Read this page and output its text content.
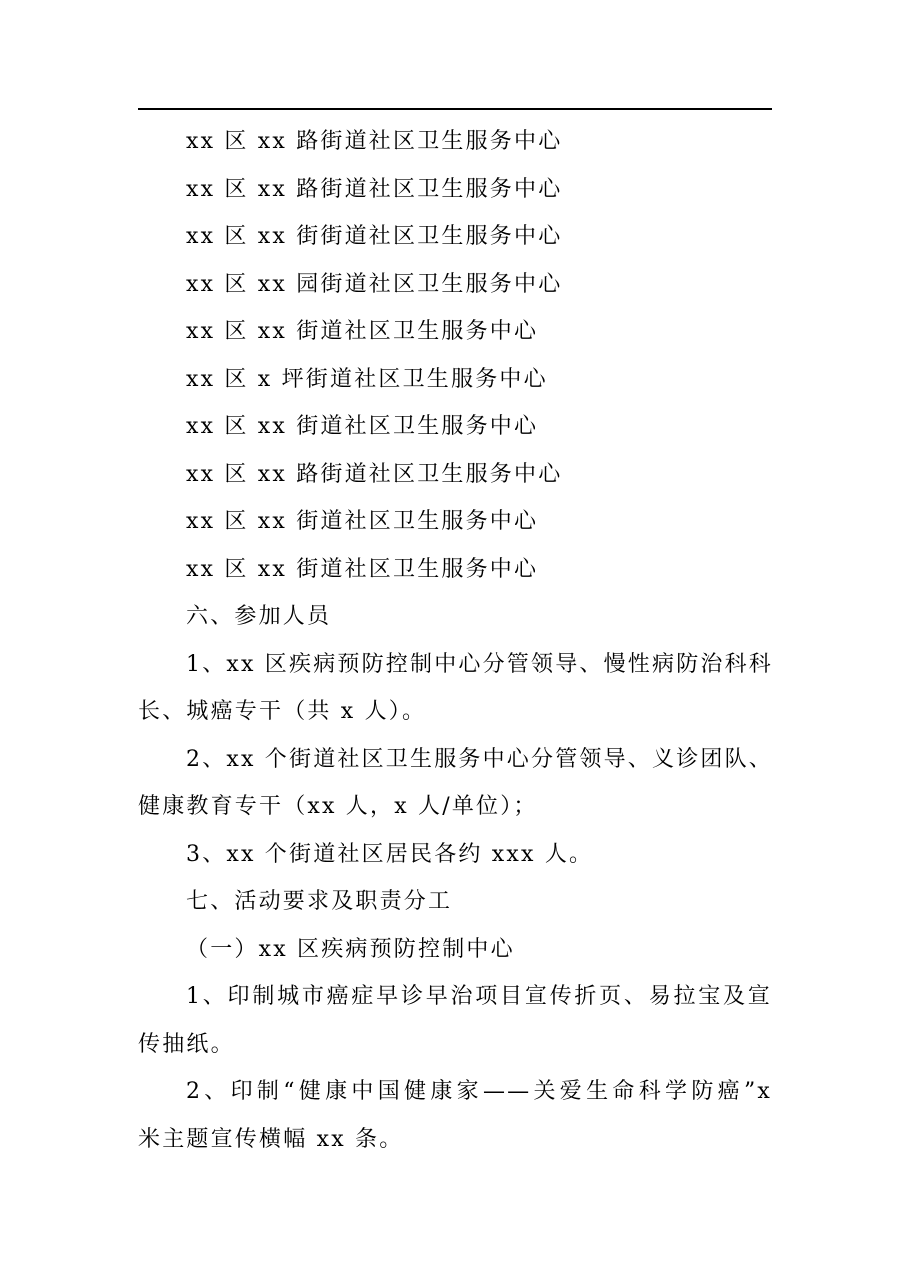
xx 区 xx 路街道社区卫生服务中心
xx 区 xx 路街道社区卫生服务中心
xx 区 xx 街街道社区卫生服务中心
xx 区 xx 园街道社区卫生服务中心
xx 区 xx 街道社区卫生服务中心
xx 区 x 坪街道社区卫生服务中心
xx 区 xx 街道社区卫生服务中心
xx 区 xx 路街道社区卫生服务中心
xx 区 xx 街道社区卫生服务中心
xx 区 xx 街道社区卫生服务中心
六、参加人员
1、xx 区疾病预防控制中心分管领导、慢性病防治科科
长、城癌专干（共 x 人）。
2、xx 个街道社区卫生服务中心分管领导、义诊团队、
健康教育专干（xx 人，x 人/单位）；
3、xx 个街道社区居民各约 xxx 人。
七、活动要求及职责分工
（一）xx 区疾病预防控制中心
1、印制城市癌症早诊早治项目宣传折页、易拉宝及宣
传抽纸。
2、印制“健康中国健康家——关爱生命科学防癌”x
米主题宣传横幅 xx 条。
